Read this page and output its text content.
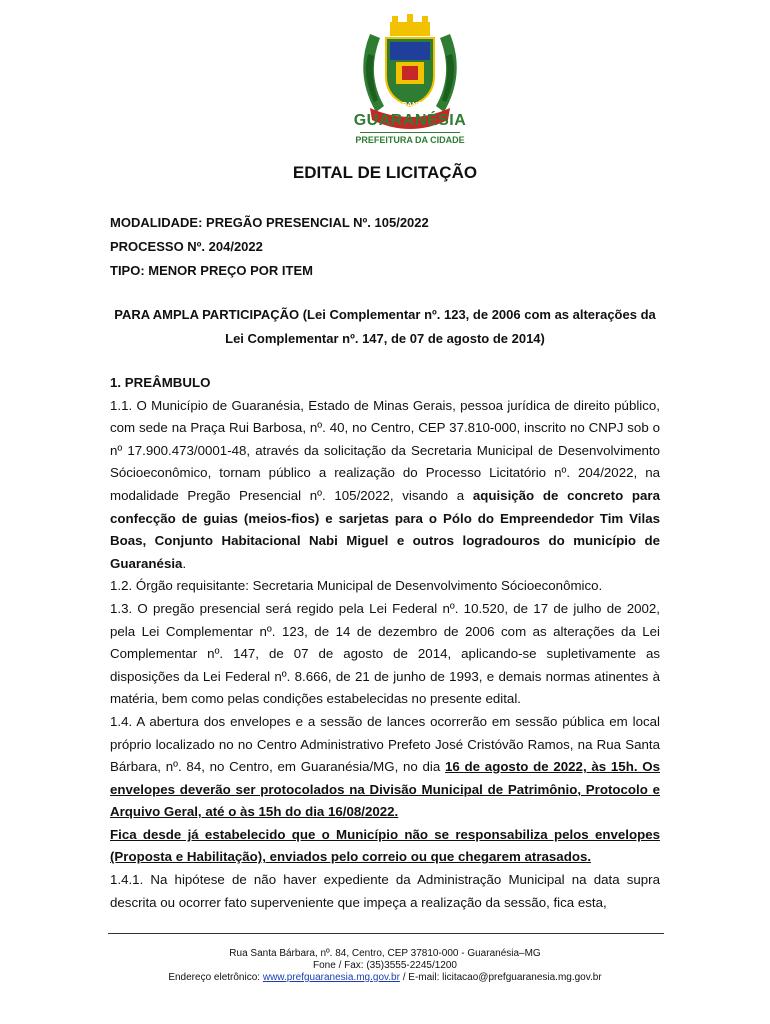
GUARANÉSIA
GUARANÉSIA
PREFEITURA DA CIDADE
EDITAL DE LICITAÇÃO
MODALIDADE: PREGÃO PRESENCIAL Nº. 105/2022
PROCESSO Nº. 204/2022
TIPO: MENOR PREÇO POR ITEM
PARA AMPLA PARTICIPAÇÃO (Lei Complementar nº. 123, de 2006 com as alterações da Lei Complementar nº. 147, de 07 de agosto de 2014)

1. PREÂMBULO

1.1. O Município de Guaranésia, Estado de Minas Gerais, pessoa jurídica de direito público, com sede na Praça Rui Barbosa, nº. 40, no Centro, CEP 37.810-000, inscrito no CNPJ sob o nº 17.900.473/0001-48, através da solicitação da Secretaria Municipal de Desenvolvimento Sócioeconômico, tornam público a realização do Processo Licitatório nº. 204/2022, na modalidade Pregão Presencial nº. 105/2022, visando a aquisição de concreto para confecção de guias (meios-fios) e sarjetas para o Pólo do Empreendedor Tim Vilas Boas, Conjunto Habitacional Nabi Miguel e outros logradouros do município de Guaranésia.

1.2. Órgão requisitante: Secretaria Municipal de Desenvolvimento Sócioeconômico.

1.3. O pregão presencial será regido pela Lei Federal nº. 10.520, de 17 de julho de 2002, pela Lei Complementar nº. 123, de 14 de dezembro de 2006 com as alterações da Lei Complementar nº. 147, de 07 de agosto de 2014, aplicando-se supletivamente as disposições da Lei Federal nº. 8.666, de 21 de junho de 1993, e demais normas atinentes à matéria, bem como pelas condições estabelecidas no presente edital.

1.4. A abertura dos envelopes e a sessão de lances ocorrerão em sessão pública em local próprio localizado no no Centro Administrativo Prefeto José Cristóvão Ramos, na Rua Santa Bárbara, nº. 84, no Centro, em Guaranésia/MG, no dia 16 de agosto de 2022, às 15h. Os envelopes deverão ser protocolados na Divisão Municipal de Patrimônio, Protocolo e Arquivo Geral, até o às 15h do dia 16/08/2022.

Fica desde já estabelecido que o Município não se responsabiliza pelos envelopes (Proposta e Habilitação), enviados pelo correio ou que chegarem atrasados.

1.4.1. Na hipótese de não haver expediente da Administração Municipal na data supra descrita ou ocorrer fato superveniente que impeça a realização da sessão, fica esta,

Rua Santa Bárbara, nº. 84, Centro, CEP 37810-000 - Guaranésia–MG
Fone / Fax: (35)3555-2245/1200
Endereço eletrônico: www.prefguaranesia.mg.gov.br / E-mail: licitacao@prefguaranesia.mg.gov.br
